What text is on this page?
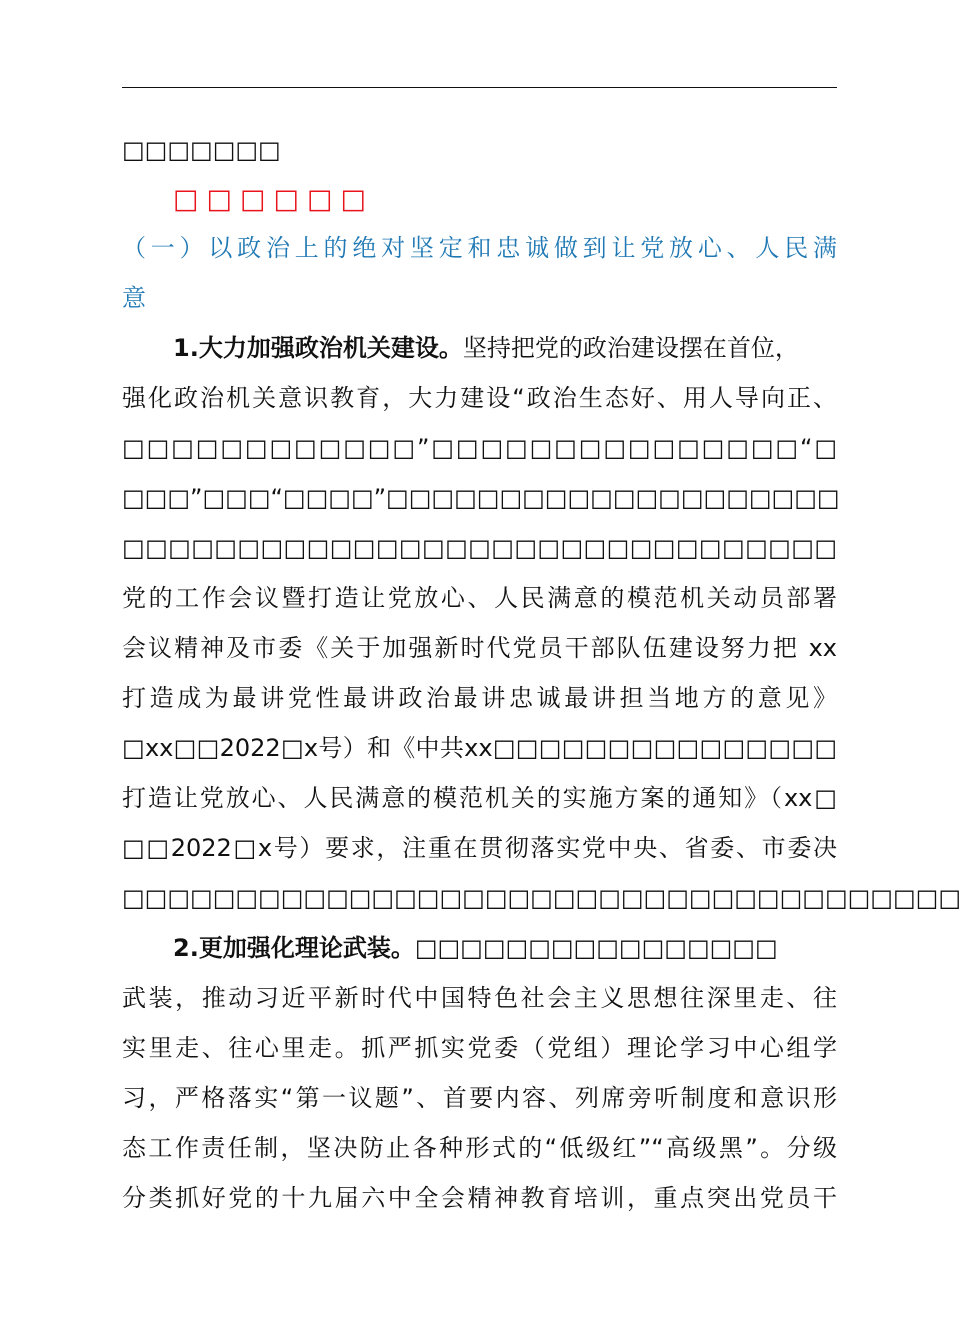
□□□□□□□
□□□□□□
（一）以政治上的绝对坚定和忠诚做到让党放心、人民满
意
1.大力加强政治机关建设。坚持把党的政治建设摆在首位，
强化政治机关意识教育，大力建设“政治生态好、用人导向正、
□□□□□□□□□□□□”□□□□□□□□□□□□□□□“□
□□□”□□□“□□□□”□□□□□□□□□□□□□□□□□□□□
□□□□□□□□□□□□□□□□□□□□□□□□□□□□□□□
党的工作会议暨打造让党放心、人民满意的模范机关动员部署
会议精神及市委《关于加强新时代党员干部队伍建设努力把 xx
打造成为最讲党性最讲政治最讲忠诚最讲担当地方的意见》
□xx□□2022□x号）和《中共xx□□□□□□□□□□□□□□□
打造让党放心、人民满意的模范机关的实施方案的通知》（xx□
□□2022□x号）要求，注重在贯彻落实党中央、省委、市委决
□□□□□□□□□□□□□□□□□□□□□□□□□□□□□□□□□□□□□
2.更加强化理论武装。□□□□□□□□□□□□□□□□
武装，推动习近平新时代中国特色社会主义思想往深里走、往
实里走、往心里走。抓严抓实党委（党组）理论学习中心组学
习，严格落实“第一议题”、首要内容、列席旁听制度和意识形
态工作责任制，坚决防止各种形式的“低级红”“高级黑”。分级
分类抓好党的十九届六中全会精神教育培训，重点突出党员干
